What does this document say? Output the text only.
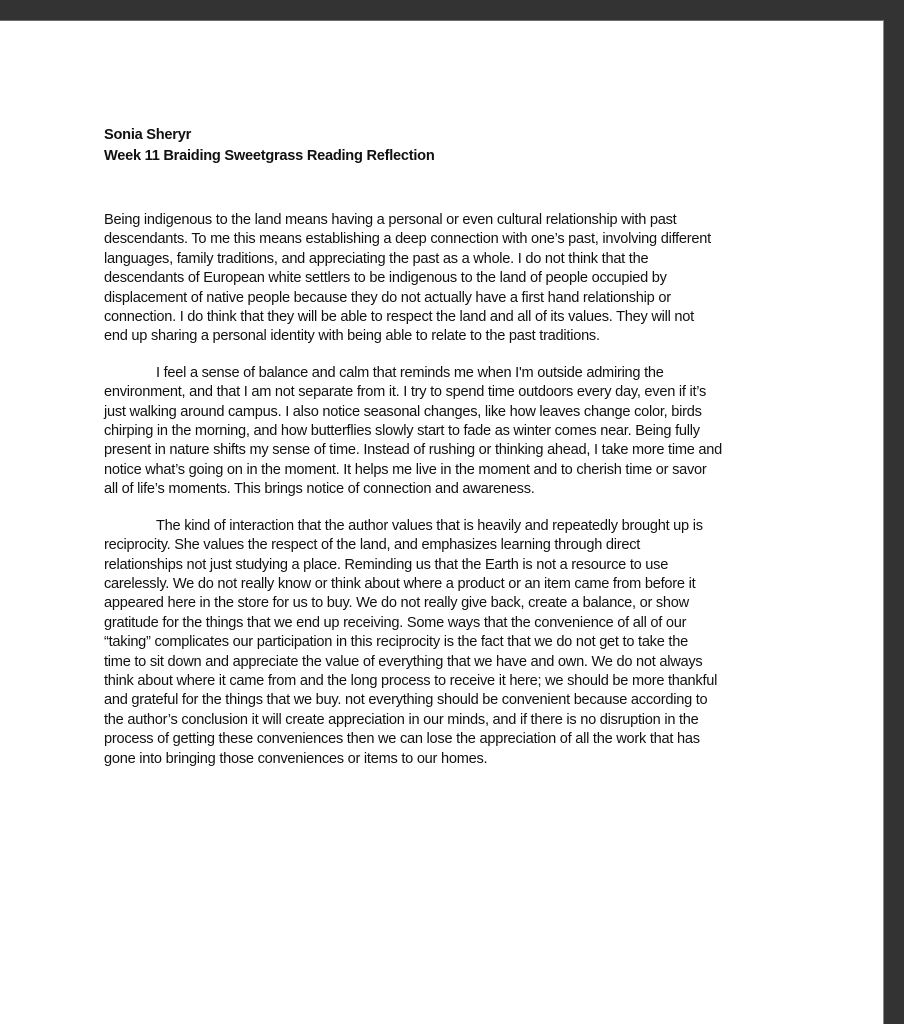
Sonia Sheryr

Week 11 Braiding Sweetgrass Reading Reflection

Being indigenous to the land means having a personal or even cultural relationship with past
descendants. To me this means establishing a deep connection with one’s past, involving different
languages, family traditions, and appreciating the past as a whole. I do not think that the
descendants of European white settlers to be indigenous to the land of people occupied by
displacement of native people because they do not actually have a first hand relationship or
connection. I do think that they will be able to respect the land and all of its values. They will not
end up sharing a personal identity with being able to relate to the past traditions.

I feel a sense of balance and calm that reminds me when I'm outside admiring the
environment, and that I am not separate from it. I try to spend time outdoors every day, even if it’s
just walking around campus. I also notice seasonal changes, like how leaves change color, birds
chirping in the morning, and how butterflies slowly start to fade as winter comes near. Being fully
present in nature shifts my sense of time. Instead of rushing or thinking ahead, I take more time and
notice what’s going on in the moment. It helps me live in the moment and to cherish time or savor
all of life’s moments. This brings notice of connection and awareness.

The kind of interaction that the author values that is heavily and repeatedly brought up is
reciprocity. She values the respect of the land, and emphasizes learning through direct
relationships not just studying a place. Reminding us that the Earth is not a resource to use
carelessly. We do not really know or think about where a product or an item came from before it
appeared here in the store for us to buy. We do not really give back, create a balance, or show
gratitude for the things that we end up receiving. Some ways that the convenience of all of our
“taking” complicates our participation in this reciprocity is the fact that we do not get to take the
time to sit down and appreciate the value of everything that we have and own. We do not always
think about where it came from and the long process to receive it here; we should be more thankful
and grateful for the things that we buy. not everything should be convenient because according to
the author’s conclusion it will create appreciation in our minds, and if there is no disruption in the
process of getting these conveniences then we can lose the appreciation of all the work that has
gone into bringing those conveniences or items to our homes.
